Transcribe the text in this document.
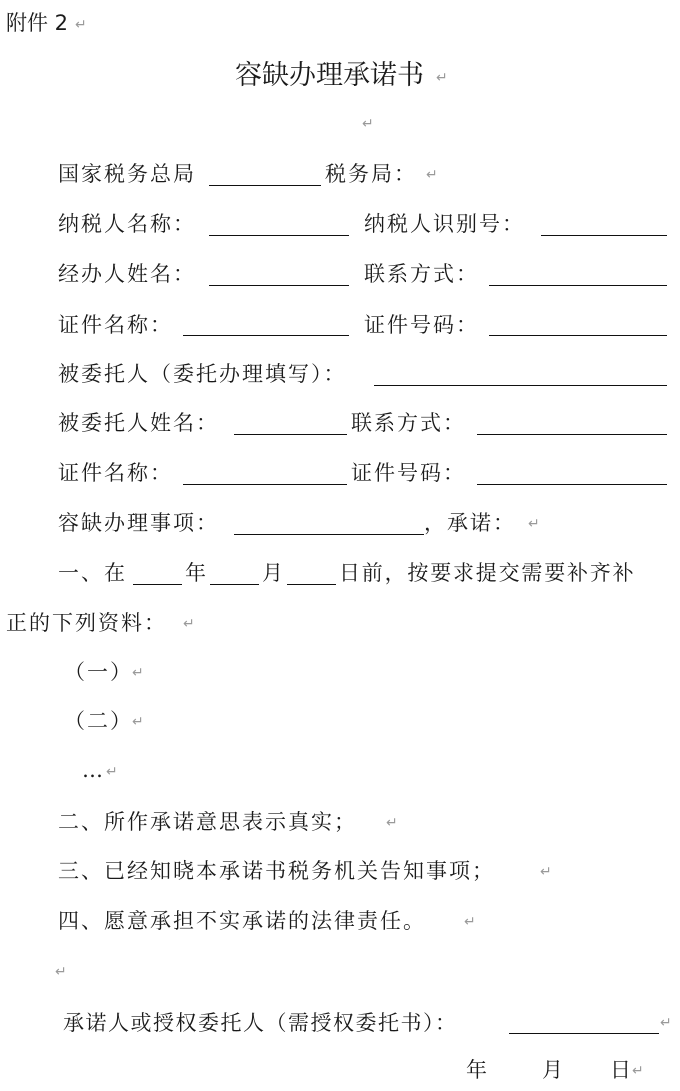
附件 2 ↵
容缺办理承诺书 ↵
↵
国家税务总局	税务局： ↵
纳税人名称：	纳税人识别号：
经办人姓名：	联系方式：
证件名称：	证件号码：
被委托人（委托办理填写）：
被委托人姓名：	联系方式：
证件名称：	证件号码：
容缺办理事项：	，承诺： ↵
一、在	年	月	日前，按要求提交需要补齐补
正的下列资料： ↵
（一） ↵
（二） ↵
… ↵
二、所作承诺意思表示真实； ↵
三、已经知晓本承诺书税务机关告知事项；	↵
四、愿意承担不实承诺的法律责任。	↵
↵
承诺人或授权委托人（需授权委托书）：	↵
年	月 日 ↵
